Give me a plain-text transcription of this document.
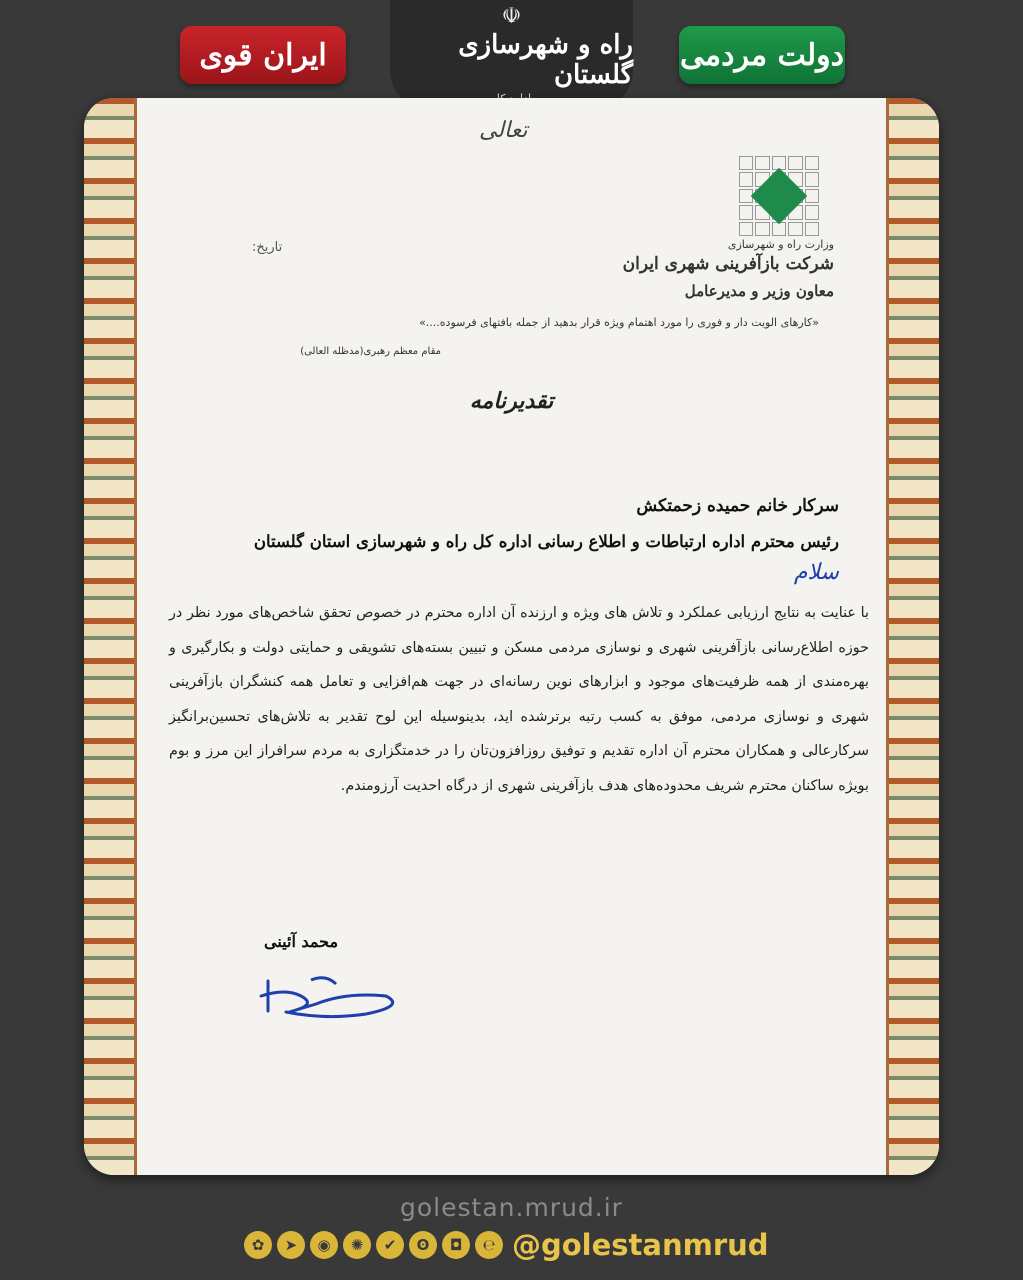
ایران قوی	دولت مردمی
☫
راه و شهرسازی گلستان
تعالی
وزارت راه و شهرسازی
شرکت بازآفرینی شهری ایران
معاون وزیر و مدیرعامل
تاریخ:
«کارهای الویت دار و فوری را مورد اهتمام ویژه قرار بدهید از جمله بافتهای فرسوده....»
مقام معظم رهبری(مدظله العالی)
تقدیرنامه
سرکار خانم حمیده زحمتکش
رئیس محترم اداره ارتباطات و اطلاع رسانی اداره کل راه و شهرسازی استان گلستان
سلام
با عنایت به نتایج ارزیابی عملکرد و تلاش های ویژه و ارزنده آن اداره محترم در خصوص تحقق شاخص‌های مورد نظر در حوزه اطلاع‌رسانی بازآفرینی شهری و نوسازی مردمی مسکن و تبیین بسته‌های تشویقی و حمایتی دولت و بکارگیری و بهره‌مندی از همه ظرفیت‌های موجود و ابزارهای نوین رسانه‌ای در جهت هم‌افزایی و تعامل همه کنشگران بازآفرینی شهری و نوسازی مردمی، موفق به کسب رتبه برترشده اید، بدینوسیله این لوح تقدیر به تلاش‌های تحسین‌برانگیز سرکارعالی و همکاران محترم آن اداره تقدیم و توفیق روزافزون‌تان را در خدمتگزاری به مردم سرافراز این مرز و بوم بویژه ساکنان محترم شریف محدوده‌های هدف بازآفرینی شهری از درگاه احدیت آرزومندم.
محمد آئینی
golestan.mrud.ir
✿	➤	◉	✺	✔	ʘ	◘	℮ @golestanmrud
